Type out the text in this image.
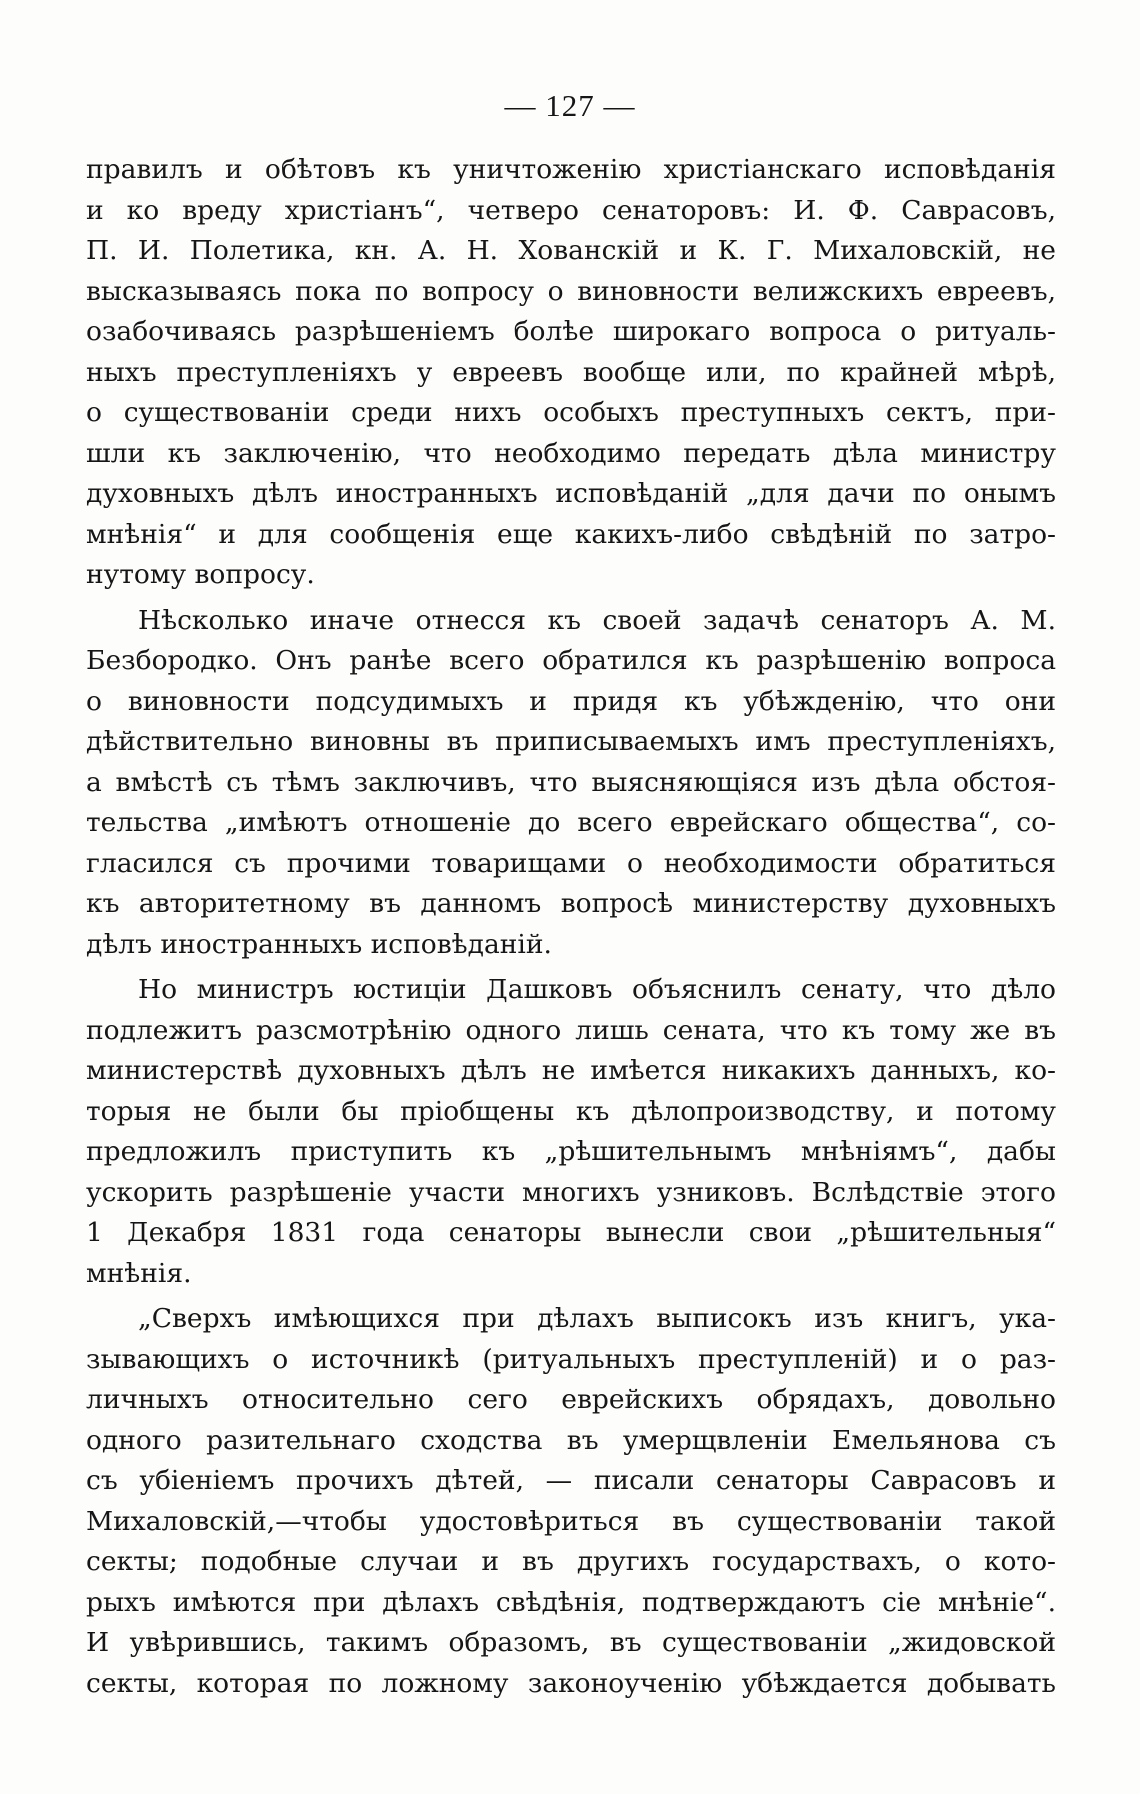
— 127 —
правилъ и обѣтовъ къ уничтоженію христіанскаго исповѣданія
и ко вреду христіанъ“, четверо сенаторовъ: И. Ф. Саврасовъ,
П. И. Полетика, кн. А. Н. Хованскій и К. Г. Михаловскій, не
высказываясь пока по вопросу о виновности велижскихъ евреевъ,
озабочиваясь разрѣшеніемъ болѣе широкаго вопроса о ритуаль-
ныхъ преступленіяхъ у евреевъ вообще или, по крайней мѣрѣ,
о существованіи среди нихъ особыхъ преступныхъ сектъ, при-
шли къ заключенію, что необходимо передать дѣла министру
духовныхъ дѣлъ иностранныхъ исповѣданій „для дачи по онымъ
мнѣнія“ и для сообщенія еще какихъ-либо свѣдѣній по затро-
нутому вопросу.
Нѣсколько иначе отнесся къ своей задачѣ сенаторъ А. М.
Безбородко. Онъ ранѣе всего обратился къ разрѣшенію вопроса
о виновности подсудимыхъ и придя къ убѣжденію, что они
дѣйствительно виновны въ приписываемыхъ имъ преступленіяхъ,
а вмѣстѣ съ тѣмъ заключивъ, что выясняющіяся изъ дѣла обстоя-
тельства „имѣютъ отношеніе до всего еврейскаго общества“, со-
гласился съ прочими товарищами о необходимости обратиться
къ авторитетному въ данномъ вопросѣ министерству духовныхъ
дѣлъ иностранныхъ исповѣданій.
Но министръ юстиціи Дашковъ объяснилъ сенату, что дѣло
подлежитъ разсмотрѣнію одного лишь сената, что къ тому же въ
министерствѣ духовныхъ дѣлъ не имѣется никакихъ данныхъ, ко-
торыя не были бы пріобщены къ дѣлопроизводству, и потому
предложилъ приступить къ „рѣшительнымъ мнѣніямъ“, дабы
ускорить разрѣшеніе участи многихъ узниковъ. Вслѣдствіе этого
1 Декабря 1831 года сенаторы вынесли свои „рѣшительныя“
мнѣнія.
„Сверхъ имѣющихся при дѣлахъ выписокъ изъ книгъ, ука-
зывающихъ о источникѣ (ритуальныхъ преступленій) и о раз-
личныхъ относительно сего еврейскихъ обрядахъ, довольно
одного разительнаго сходства въ умерщвленіи Емельянова съ
съ убіеніемъ прочихъ дѣтей, — писали сенаторы Саврасовъ и
Михаловскій,—чтобы удостовѣриться въ существованіи такой
секты; подобные случаи и въ другихъ государствахъ, о кото-
рыхъ имѣются при дѣлахъ свѣдѣнія, подтверждаютъ сіе мнѣніе“.
И увѣрившись, такимъ образомъ, въ существованіи „жидовской
секты, которая по ложному законоученію убѣждается добывать
